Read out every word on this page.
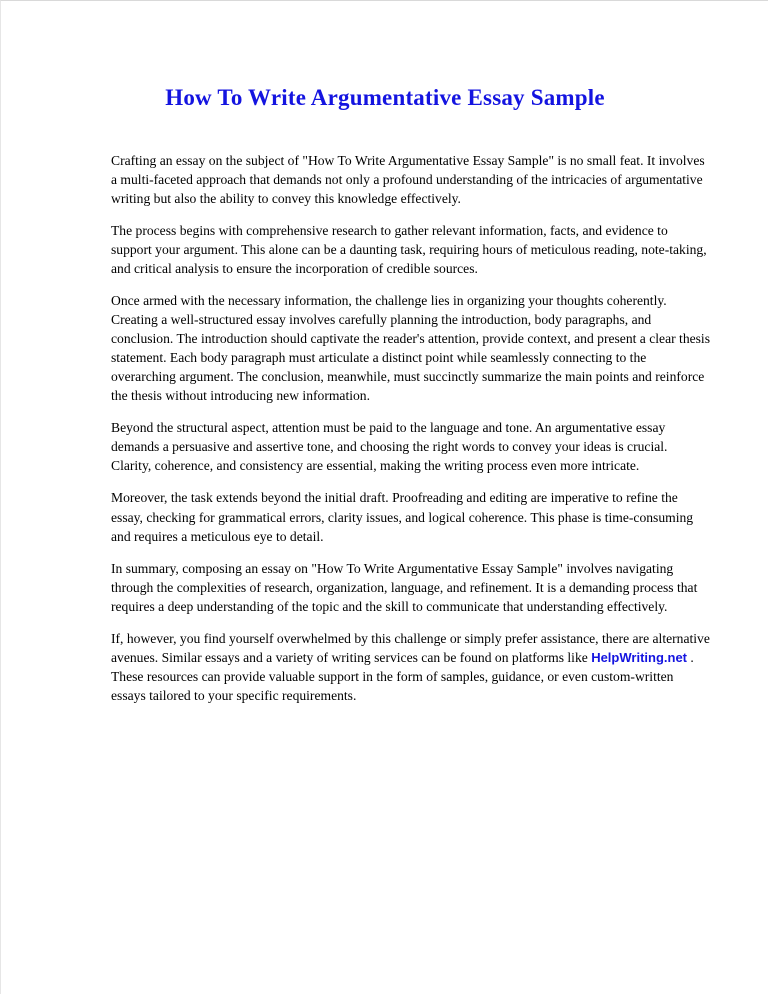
How To Write Argumentative Essay Sample

Crafting an essay on the subject of "How To Write Argumentative Essay Sample" is no small feat. It involves a multi-faceted approach that demands not only a profound understanding of the intricacies of argumentative writing but also the ability to convey this knowledge effectively.

The process begins with comprehensive research to gather relevant information, facts, and evidence to support your argument. This alone can be a daunting task, requiring hours of meticulous reading, note-taking, and critical analysis to ensure the incorporation of credible sources.

Once armed with the necessary information, the challenge lies in organizing your thoughts coherently. Creating a well-structured essay involves carefully planning the introduction, body paragraphs, and conclusion. The introduction should captivate the reader's attention, provide context, and present a clear thesis statement. Each body paragraph must articulate a distinct point while seamlessly connecting to the overarching argument. The conclusion, meanwhile, must succinctly summarize the main points and reinforce the thesis without introducing new information.

Beyond the structural aspect, attention must be paid to the language and tone. An argumentative essay demands a persuasive and assertive tone, and choosing the right words to convey your ideas is crucial. Clarity, coherence, and consistency are essential, making the writing process even more intricate.

Moreover, the task extends beyond the initial draft. Proofreading and editing are imperative to refine the essay, checking for grammatical errors, clarity issues, and logical coherence. This phase is time-consuming and requires a meticulous eye to detail.

In summary, composing an essay on "How To Write Argumentative Essay Sample" involves navigating through the complexities of research, organization, language, and refinement. It is a demanding process that requires a deep understanding of the topic and the skill to communicate that understanding effectively.

If, however, you find yourself overwhelmed by this challenge or simply prefer assistance, there are alternative avenues. Similar essays and a variety of writing services can be found on platforms like HelpWriting.net . These resources can provide valuable support in the form of samples, guidance, or even custom-written essays tailored to your specific requirements.
